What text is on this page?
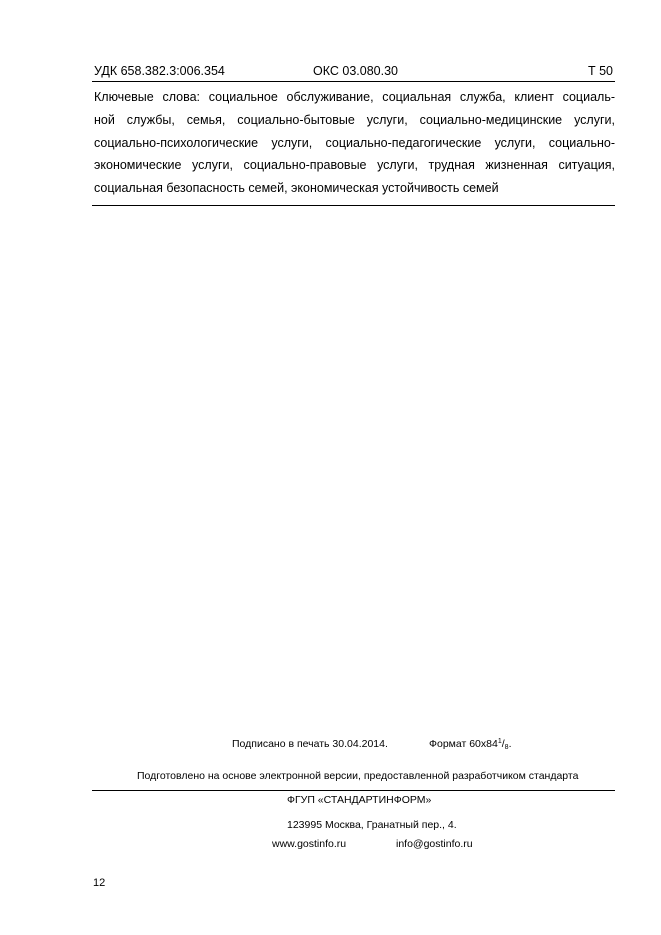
УДК 658.382.3:006.354	ОКС 03.080.30	Т 50
Ключевые слова: социальное обслуживание, социальная служба, клиент социаль-
ной службы, семья, социально-бытовые услуги, социально-медицинские услуги,
социально-психологические услуги, социально-педагогические услуги, социально-
экономические услуги, социально-правовые услуги, трудная жизненная ситуация,
социальная безопасность семей, экономическая устойчивость семей
Подписано в печать 30.04.2014.	Формат $60x84^1/_8$.
Подготовлено на основе электронной версии, предоставленной разработчиком стандарта
ФГУП «СТАНДАРТИНФОРМ»
123995 Москва, Гранатный пер., 4.
www.gostinfo.ru	info@gostinfo.ru
12
